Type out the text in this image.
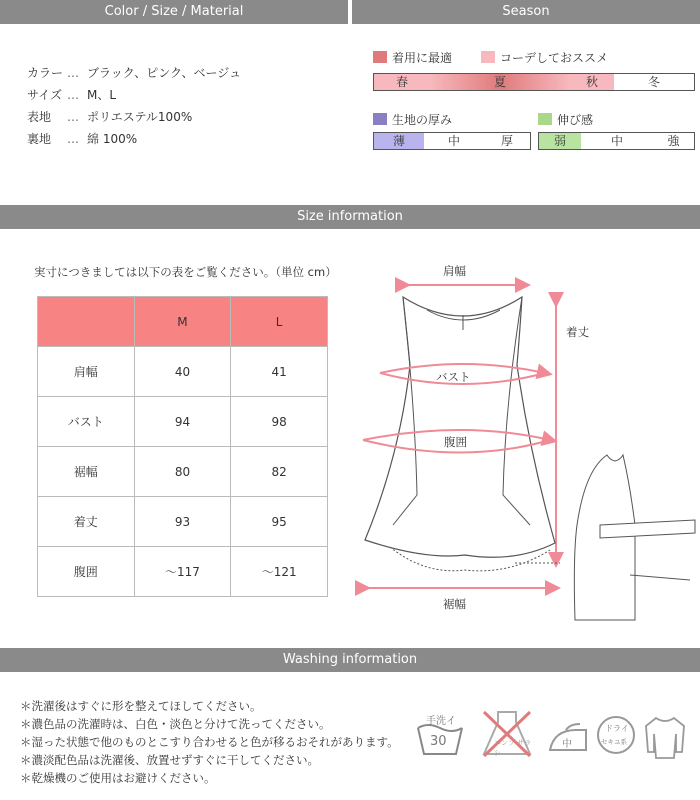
Color / Size / Material	Season
カラー … ブラック、ピンク、ベージュ
サイズ … M、L
表地 … ポリエステル100%
裏地 … 綿 100%
着用に最適	コーデしておススメ
春	夏	秋	冬
生地の厚み
薄	中	厚
伸び感
弱	中	強
Size information
実寸につきましては以下の表をご覧ください。（単位 cm）
	M	L
肩幅	40	41
バスト	94	98
裾幅	80	82
着丈	93	95
腹囲	～117	～121
肩幅
着丈
バスト
腹囲
裾幅
Washing information
＊洗濯後はすぐに形を整えてほしてください。
＊濃色品の洗濯時は、白色・淡色と分けて洗ってください。
＊湿った状態で他のものとこすり合わせると色が移るおそれがあります。
＊濃淡配色品は洗濯後、放置せずすぐに干してください。
＊乾燥機のご使用はお避けください。
手洗イ
30	エンソ サラシ
中
ドライ
セキユ系
